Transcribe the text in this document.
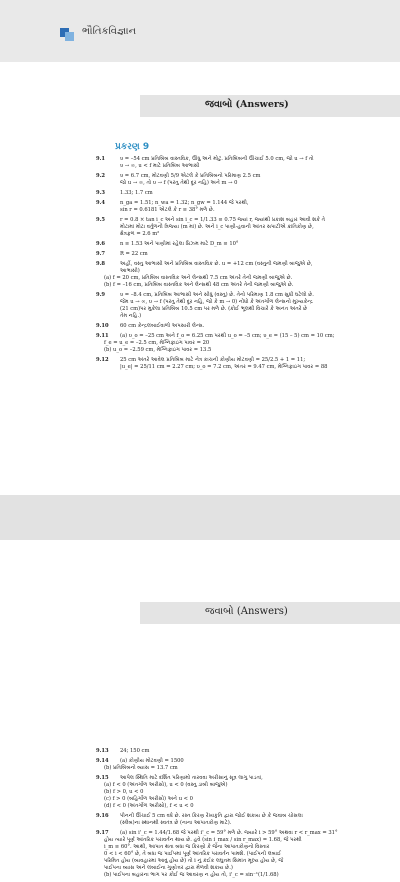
ભૌતિકવિજ્ઞાન
જવાબો (Answers)
પ્રકરણ 9
9.1	υ = –54 cm પ્રતિબિંબ વાસ્તવિક, ઊંધુ અને મોટું. પ્રતિબિંબની ઊંચાઈ 5.0 cm, જો u → f તો
υ → ∞, u < f માટે પ્રતિબિંબ આભાસી
9.2	υ = 6.7 cm, મોટવણી 5/9 એટલે કે પ્રતિબિંબનો પરિમાણ 2.5 cm
જો u → ∞, તો υ → f (પરંતુ તેથી દૂર નહિ) અને m → 0
9.3	1.33; 1.7 cm
9.4	n_ga = 1.51; n_wa = 1.32; n_gw = 1.144 જે પરથી,
sin r = 0.6181 એટલે કે r ≅ 38° મળે છે.
9.5	r = 0.8 × tan i_c અને sin i_c = 1/1.33 ≅ 0.75 જ્યાં r, જ્યાંથી પ્રકાશ બહાર આવી શકે તે
મોટામાં મોટા વર્તુળની ત્રિજ્યા (m માં) છે. અને i_c પાણી-હવાની આંતર સપાટીએ ક્રાંતિકોણ છે,
ક્ષેત્રફળ = 2.6 m²
9.6	n ≅ 1.53 અને પાણીમાં રહેલા પ્રિઝ્મ માટે D_m ≅ 10°
9.7	R = 22 cm
9.8	અહીં, વસ્તુ આભાસી અને પ્રતિબિંબ વાસ્તવિક છે. u = +12 cm (વસ્તુની જમણી બાજુએ છે,
આભાસી)
(a) f = 20 cm, પ્રતિબિંબ વાસ્તવિક અને લેન્સથી 7.5 cm અંતરે તેની જમણી બાજુએ છે.
(b) f = –16 cm, પ્રતિબિંબ વાસ્તવિક અને લેન્સથી 48 cm અંતરે તેની જમણી બાજુએ છે.
9.9	υ = –8.4 cm, પ્રતિબિંબ આભાસી અને સીધું (વસ્તુ) છે. તેનો પરિમાણ 1.8 cm સુધી ઘટેલો છે.
જેમ u → ∞, υ → f (પરંતુ તેથી દૂર નહિ, જો કે m → 0) નોંધો કે અંતર્ગોળ લેન્સનો મુખ્યકેન્દ્ર
(21 cm)પર મુકેલા પ્રતિબિંબ 10.5 cm પર મળે છે. (કોઈ ભૂલથી વિચારે કે અનંત અંતરે છે
તેમ નહિ.)
9.10	60 cm કેન્દ્રલંબાઈવાળો અપસારી લેન્સ.
9.11	(a) υ_o = –25 cm અને f_o = 6.25 cm પરથી u_o = –5 cm; υ_e = (15 – 5) cm = 10 cm;
f_e = u_e = –2.5 cm, મેગ્નિફાઇંગ પાવર = 20
(b) u_o = –2.59 cm, મેગ્નિફાઇંગ પાવર = 13.5
9.12	25 cm અંતરે આવેલ પ્રતિબિંબ માટે નેત્ર કાચની કોણીય મોટવણી = 25/2.5 + 1 = 11;
|u_e| = 25/11 cm = 2.27 cm; υ_o = 7.2 cm, અંતર = 9.47 cm, મેગ્નિફાઇંગ પાવર = 88
જવાબો (Answers)
9.13	24; 150 cm
9.14	(a) કોણીય મોટવણી = 1500
(b) પ્રતિબિંબનો વ્યાસ = 13.7 cm
9.15	આપેલ સ્થિતિ માટે દર્શિત પરિણામો તારવવા અરીસાનું સૂત્ર લાગુ પાડતાં,
(a) f < 0 (અંતર્ગોળ અરીસો), u < 0 (વસ્તુ ડાબી બાજુએ)
(b) f > 0, u < 0
(c) f > 0 (બહિર્ગોળ અરીસો) અને u < 0
(d) f < 0 (અંતર્ગોળ અરીસો), f < u < 0
9.16	પીનની ઊંચાઈ 5 cm વધે છે. રસ્ત કિરણ રેખાકૃતિ દ્વારા જોઈ શકાય છે કે જવાબ ચોસલા
(સ્લેબ)ના સ્થાનથી સ્વતંત્ર છે (નાના આપાતકોણ માટે).
9.17	(a) sin i'_c = 1.44/1.68 જે પરથી i'_c = 59° મળે છે. જ્યારે i > 59° અથવા r < r_max = 31°
હોય ત્યારે પૂર્ણ આંતરિક પરાવર્તન થાય છે. હવે (sin i_max / sin r_max) = 1.68, જે પરથી
i_m ≅ 60°. આથી, આપાત થતા બધા જ કિરણો કે જેના આપાતકોણનો વિસ્તાર
0 < i < 60° છે, તે બધા જ પાઈપમાં પૂર્ણ આંતરિક પરાવર્તન પામશે. (પાઈપની લંબાઈ
પરિમિત હોય (વ્યવહારમાં આવું હોય છે) તો i નું કંઈક લઘુત્તમ સિમાંત મૂલ્ય હોય છે, જે
પાઈપના વ્યાસ અને લંબાઈના ગુણોત્તર દ્વારા મેળવી શકાય છે.)
(b) પાઈપના બહારના ભાગ પર કોઈ જ આવરણ ન હોય તો, i'_c = sin⁻¹(1/1.68)
